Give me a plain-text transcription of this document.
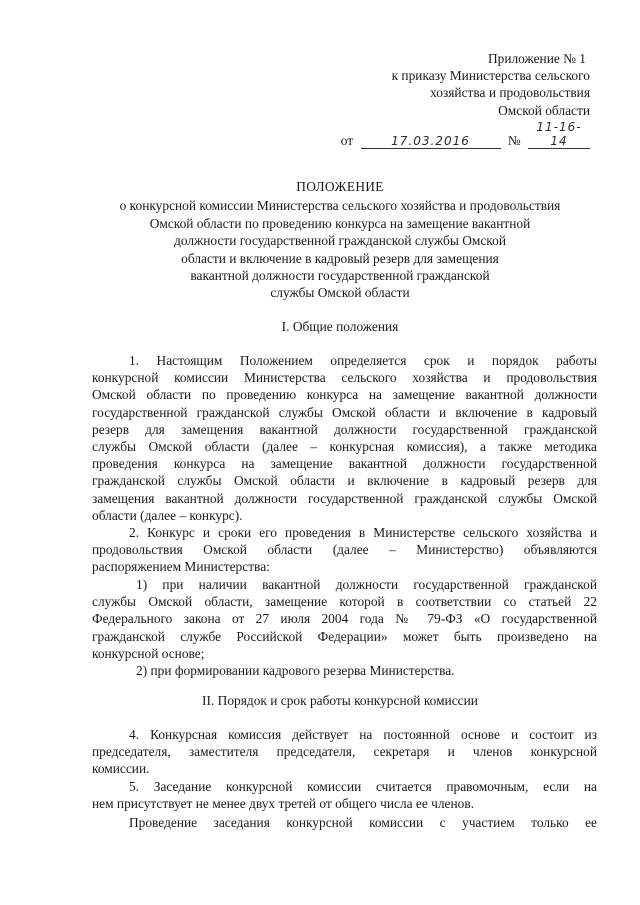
Приложение № 1
к приказу Министерства сельского
хозяйства и продовольствия
Омской области
от	17.03.2016	№ 11-16-14
ПОЛОЖЕНИЕ
о конкурсной комиссии Министерства сельского хозяйства и продовольствия
Омской области по проведению конкурса на замещение вакантной
должности государственной гражданской службы Омской
области и включение в кадровый резерв для замещения
вакантной должности государственной гражданской
службы Омской области
I. Общие положения
1. Настоящим Положением определяется срок и порядок работы
конкурсной комиссии Министерства сельского хозяйства и продовольствия
Омской области по проведению конкурса на замещение вакантной должности
государственной гражданской службы Омской области и включение в кадровый
резерв для замещения вакантной должности государственной гражданской
службы Омской области (далее – конкурсная комиссия), а также методика
проведения конкурса на замещение вакантной должности государственной
гражданской службы Омской области и включение в кадровый резерв для
замещения вакантной должности государственной гражданской службы Омской
области (далее – конкурс).
2. Конкурс и сроки его проведения в Министерстве сельского хозяйства и
продовольствия Омской области (далее – Министерство) объявляются
распоряжением Министерства:
1) при наличии вакантной должности государственной гражданской
службы Омской области, замещение которой в соответствии со статьей 22
Федерального закона от 27 июля 2004 года № 79-ФЗ «О государственной
гражданской службе Российской Федерации» может быть произведено на
конкурсной основе;
2) при формировании кадрового резерва Министерства.
II. Порядок и срок работы конкурсной комиссии
4. Конкурсная комиссия действует на постоянной основе и состоит из
председателя, заместителя председателя, секретаря и членов конкурсной
комиссии.
5. Заседание конкурсной комиссии считается правомочным, если на
нем присутствует не менее двух третей от общего числа ее членов.
Проведение заседания конкурсной комиссии с участием только ее
